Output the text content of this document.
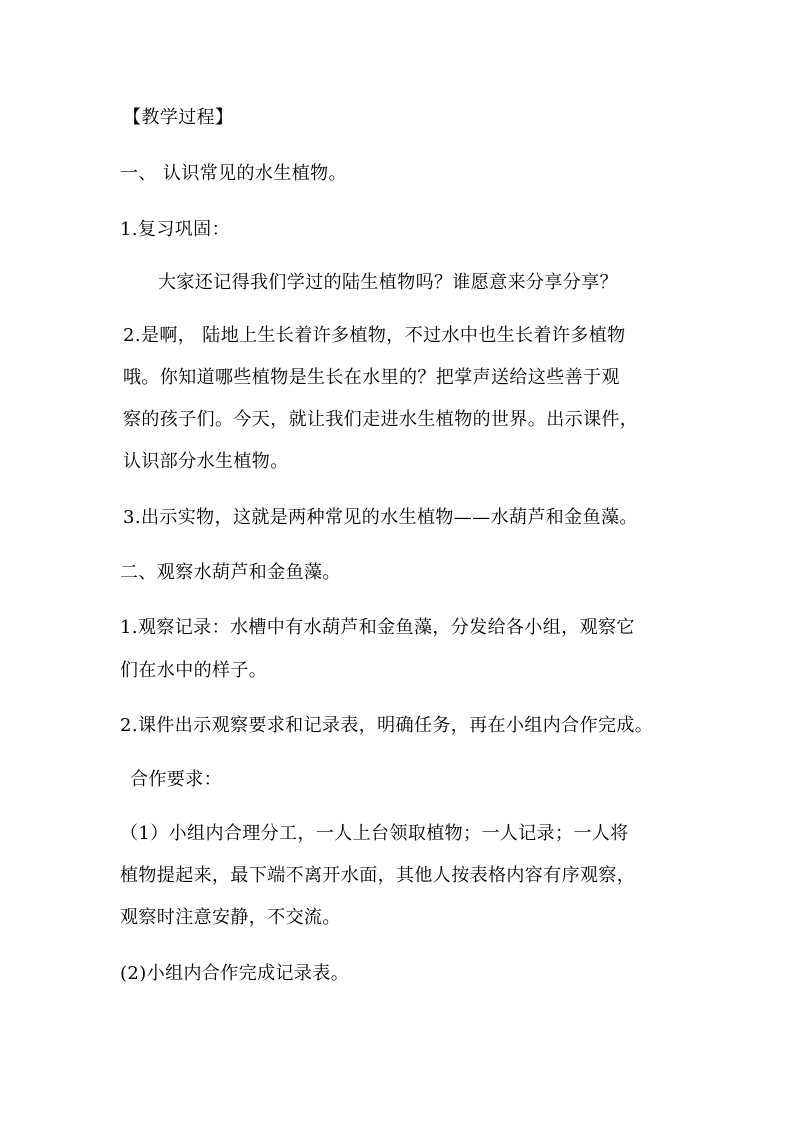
【教学过程】
一、 认识常见的水生植物。
1.复习巩固：
大家还记得我们学过的陆生植物吗？谁愿意来分享分享？
2.是啊， 陆地上生长着许多植物，不过水中也生长着许多植物
哦。你知道哪些植物是生长在水里的？把掌声送给这些善于观
察的孩子们。今天，就让我们走进水生植物的世界。出示课件，
认识部分水生植物。
3.出示实物，这就是两种常见的水生植物——水葫芦和金鱼藻。
二、观察水葫芦和金鱼藻。
1.观察记录：水槽中有水葫芦和金鱼藻，分发给各小组，观察它
们在水中的样子。
2.课件出示观察要求和记录表，明确任务，再在小组内合作完成。
合作要求：
（1）小组内合理分工，一人上台领取植物；一人记录；一人将
植物提起来，最下端不离开水面，其他人按表格内容有序观察，
观察时注意安静，不交流。
(2)小组内合作完成记录表。
